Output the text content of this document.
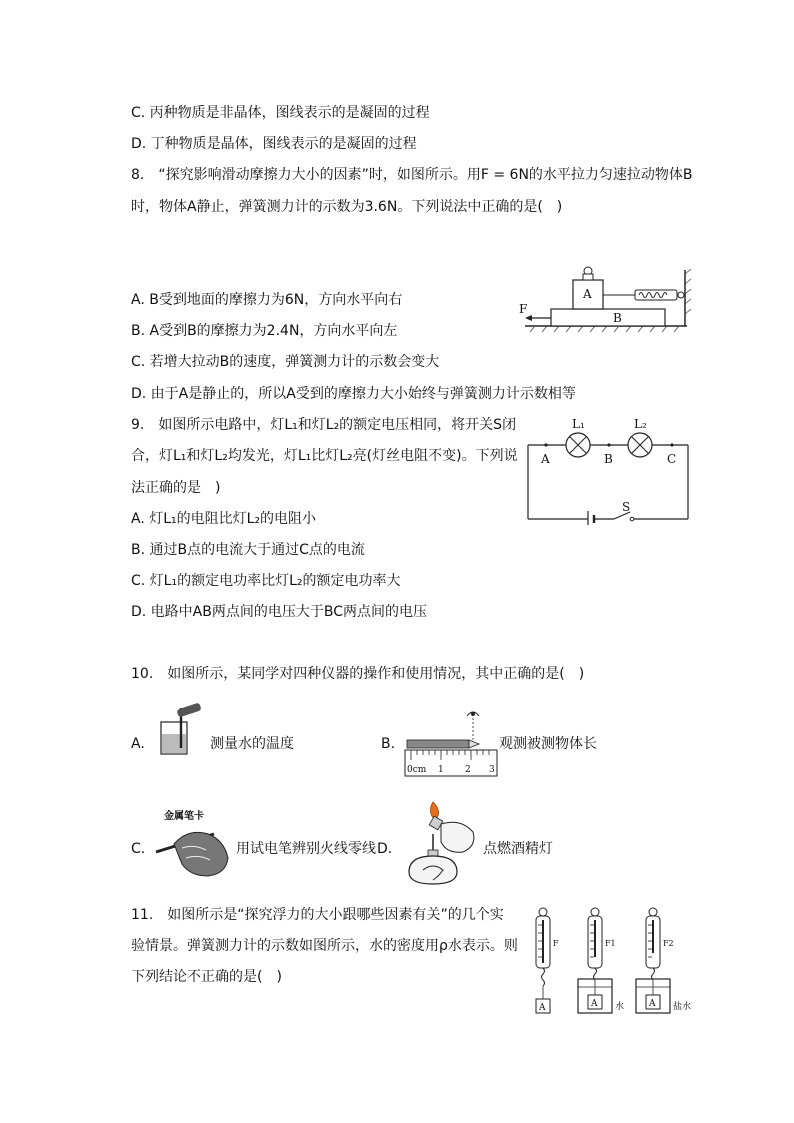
C. 丙种物质是非晶体，图线表示的是凝固的过程
D. 丁种物质是晶体，图线表示的是凝固的过程
8.　“探究影响滑动摩擦力大小的因素”时，如图所示。用F = 6N的水平拉力匀速拉动物体B
时，物体A静止，弹簧测力计的示数为3.6N。下列说法中正确的是(　)
A. B受到地面的摩擦力为6N，方向水平向右
B. A受到B的摩擦力为2.4N，方向水平向左
C. 若增大拉动B的速度，弹簧测力计的示数会变大
D. 由于A是静止的，所以A受到的摩擦力大小始终与弹簧测力计示数相等
B
A
F
9.　如图所示电路中，灯L₁和灯L₂的额定电压相同，将开关S闭
合，灯L₁和灯L₂均发光，灯L₁比灯L₂亮(灯丝电阻不变)。下列说
法正确的是　)
A. 灯L₁的电阻比灯L₂的电阻小
B. 通过B点的电流大于通过C点的电流
C. 灯L₁的额定电功率比灯L₂的额定电功率大
D. 电路中AB两点间的电压大于BC两点间的电压
S
L₁	L₂
A	B	C
10.　如图所示，某同学对四种仪器的操作和使用情况，其中正确的是(　)
A.	测量水的温度	B.
0cm 1 2 3
观测被测物体长
C.
金属笔卡
用试电笔辨别火线零线 D.	点燃酒精灯
11.　如图所示是“探究浮力的大小跟哪些因素有关”的几个实
验情景。弹簧测力计的示数如图所示，水的密度用ρ水表示。则
下列结论不正确的是(　)
A
F
A
F1
水	A
F2
盐水
